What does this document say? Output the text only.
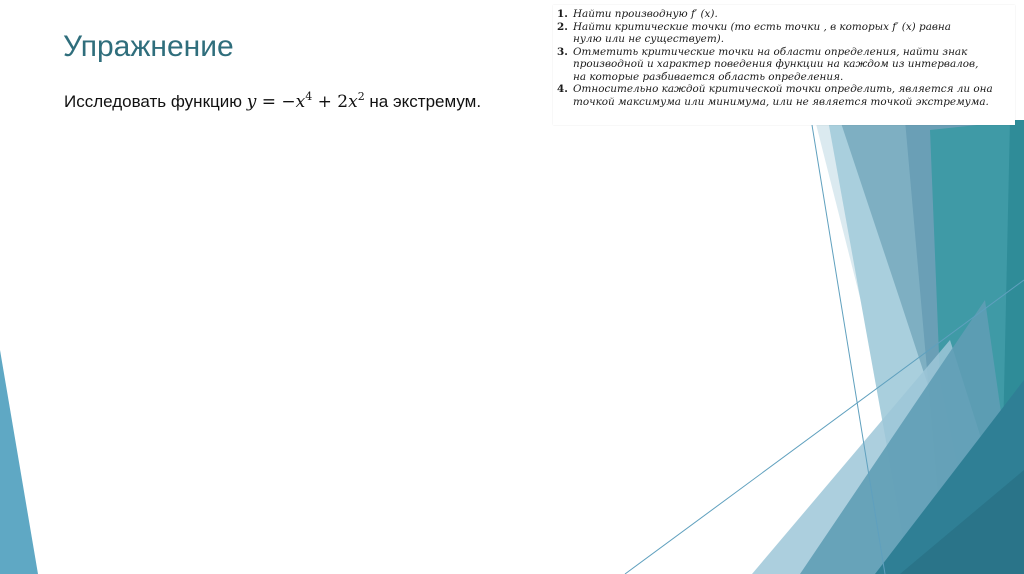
Упражнение
Исследовать функцию $y = -x^4 + 2x^2$ на экстремум.
1. Найти производную f′ (x).
2. Найти критические точки (то есть точки , в которых f′ (x) равна
нулю или не существует).
3. Отметить критические точки на области определения, найти знак
производной и характер поведения функции на каждом из интервалов,
на которые разбивается область определения.
4. Относительно каждой критической точки определить, является ли она
точкой максимума или минимума, или не является точкой экстремума.
